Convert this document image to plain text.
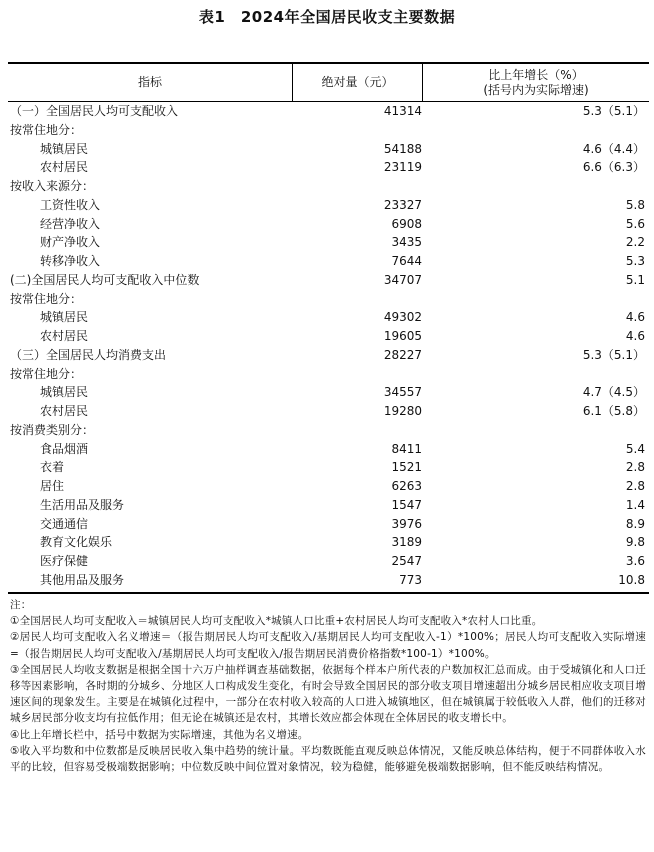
表1　2024年全国居民收支主要数据
指标	绝对量（元）	比上年增长（%）
(括号内为实际增速)
（一）全国居民人均可支配收入	41314	5.3（5.1）
按常住地分：
城镇居民	54188	4.6（4.4）
农村居民	23119	6.6（6.3）
按收入来源分：
工资性收入	23327	5.8
经营净收入	6908	5.6
财产净收入	3435	2.2
转移净收入	7644	5.3
(二)全国居民人均可支配收入中位数	34707	5.1
按常住地分：
城镇居民	49302	4.6
农村居民	19605	4.6
（三）全国居民人均消费支出	28227	5.3（5.1）
按常住地分：
城镇居民	34557	4.7（4.5）
农村居民	19280	6.1（5.8）
按消费类别分：
食品烟酒	8411	5.4
衣着	1521	2.8
居住	6263	2.8
生活用品及服务	1547	1.4
交通通信	3976	8.9
教育文化娱乐	3189	9.8
医疗保健	2547	3.6
其他用品及服务	773	10.8

注：

①全国居民人均可支配收入＝城镇居民人均可支配收入*城镇人口比重+农村居民人均可支配收入*农村人口比重。

②居民人均可支配收入名义增速＝（报告期居民人均可支配收入/基期居民人均可支配收入-1）*100%；居民人均可支配收入实际增速=（报告期居民人均可支配收入/基期居民人均可支配收入/报告期居民消费价格指数*100-1）*100%。

③全国居民人均收支数据是根据全国十六万户抽样调查基础数据，依据每个样本户所代表的户数加权汇总而成。由于受城镇化和人口迁移等因素影响，各时期的分城乡、分地区人口构成发生变化，有时会导致全国居民的部分收支项目增速超出分城乡居民相应收支项目增速区间的现象发生。主要是在城镇化过程中，一部分在农村收入较高的人口进入城镇地区，但在城镇属于较低收入人群，他们的迁移对城乡居民部分收支均有拉低作用；但无论在城镇还是农村，其增长效应都会体现在全体居民的收支增长中。

④比上年增长栏中，括号中数据为实际增速，其他为名义增速。

⑤收入平均数和中位数都是反映居民收入集中趋势的统计量。平均数既能直观反映总体情况，又能反映总体结构，便于不同群体收入水平的比较，但容易受极端数据影响；中位数反映中间位置对象情况，较为稳健，能够避免极端数据影响，但不能反映结构情况。
